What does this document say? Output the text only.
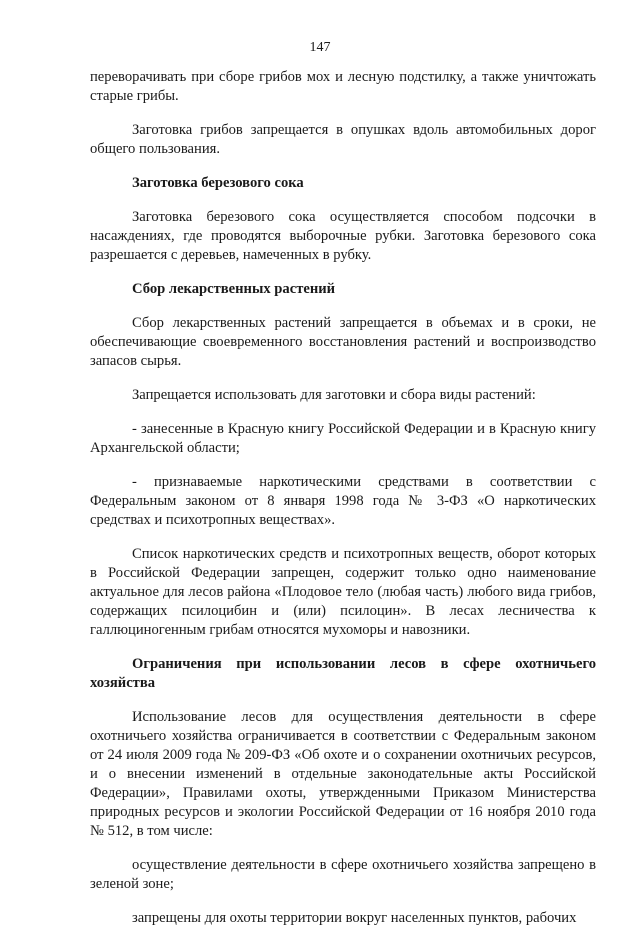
147

переворачивать при сборе грибов мох и лесную подстилку, а также уничтожать старые грибы.

Заготовка грибов запрещается в опушках вдоль автомобильных дорог общего пользования.

Заготовка березового сока

Заготовка березового сока осуществляется способом подсочки в насаждениях, где проводятся выборочные рубки. Заготовка березового сока разрешается с деревьев, намеченных в рубку.

Сбор лекарственных растений

Сбор лекарственных растений запрещается в объемах и в сроки, не обеспечивающие своевременного восстановления растений и воспроизводство запасов сырья.

Запрещается использовать для заготовки и сбора виды растений:

- занесенные в Красную книгу Российской Федерации и в Красную книгу Архангельской области;

- признаваемые наркотическими средствами в соответствии с Федеральным законом от 8 января 1998 года № 3-ФЗ «О наркотических средствах и психотропных веществах».

Список наркотических средств и психотропных веществ, оборот которых в Российской Федерации запрещен, содержит только одно наименование актуальное для лесов района «Плодовое тело (любая часть) любого вида грибов, содержащих псилоцибин и (или) псилоцин». В лесах лесничества к галлюциногенным грибам относятся мухоморы и навозники.

Ограничения при использовании лесов в сфере охотничьего хозяйства

Использование лесов для осуществления деятельности в сфере охотничьего хозяйства ограничивается в соответствии с Федеральным законом от 24 июля 2009 года № 209-ФЗ «Об охоте и о сохранении охотничьих ресурсов, и о внесении изменений в отдельные законодательные акты Российской Федерации», Правилами охоты, утвержденными Приказом Министерства природных ресурсов и экологии Российской Федерации от 16 ноября 2010 года № 512, в том числе:

осуществление деятельности в сфере охотничьего хозяйства запрещено в зеленой зоне;

запрещены для охоты территории вокруг населенных пунктов, рабочих
